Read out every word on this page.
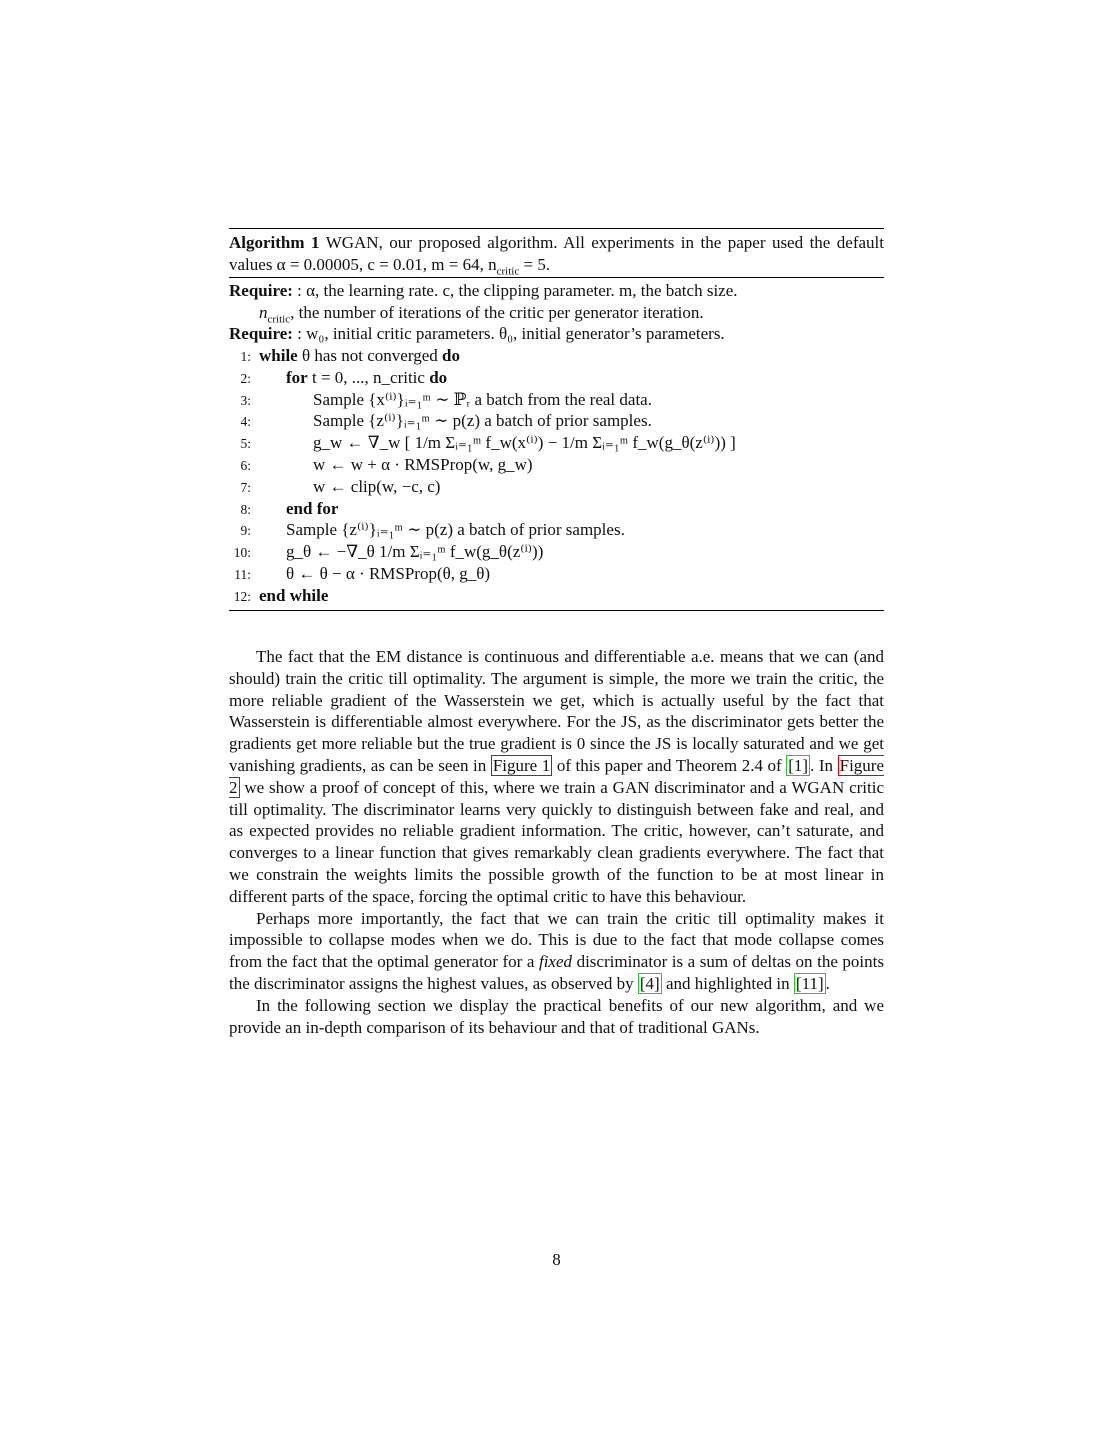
Algorithm 1 WGAN, our proposed algorithm. All experiments in the paper used the default values α = 0.00005, c = 0.01, m = 64, $n_{critic} = 5$.
Require: : α, the learning rate. c, the clipping parameter. m, the batch size.
$n_{critic}$, the number of iterations of the critic per generator iteration.
Require: : w₀, initial critic parameters. θ₀, initial generator’s parameters.
1: while θ has not converged do
2:	for t = 0, ..., n_critic do
3:	Sample {x⁽ⁱ⁾}ᵢ₌₁ᵐ ∼ ℙᵣ a batch from the real data.
4:	Sample {z⁽ⁱ⁾}ᵢ₌₁ᵐ ∼ p(z) a batch of prior samples.
5:	g_w ← ∇_w [ 1/m Σᵢ₌₁ᵐ f_w(x⁽ⁱ⁾) − 1/m Σᵢ₌₁ᵐ f_w(g_θ(z⁽ⁱ⁾)) ]
6:	w ← w + α · RMSProp(w, g_w)
7:	w ← clip(w, −c, c)
8:	end for
9:	Sample {z⁽ⁱ⁾}ᵢ₌₁ᵐ ∼ p(z) a batch of prior samples.
10:	g_θ ← −∇_θ 1/m Σᵢ₌₁ᵐ f_w(g_θ(z⁽ⁱ⁾))
11:	θ ← θ − α · RMSProp(θ, g_θ)
12: end while

The fact that the EM distance is continuous and differentiable a.e. means that we can (and should) train the critic till optimality. The argument is simple, the more we train the critic, the more reliable gradient of the Wasserstein we get, which is actually useful by the fact that Wasserstein is differentiable almost everywhere. For the JS, as the discriminator gets better the gradients get more reliable but the true gradient is 0 since the JS is locally saturated and we get vanishing gradients, as can be seen in Figure 1 of this paper and Theorem 2.4 of [1] . In Figure 2 we show a proof of concept of this, where we train a GAN discriminator and a WGAN critic till optimality. The discriminator learns very quickly to distinguish between fake and real, and as expected provides no reliable gradient information. The critic, however, can’t saturate, and converges to a linear function that gives remarkably clean gradients everywhere. The fact that we constrain the weights limits the possible growth of the function to be at most linear in different parts of the space, forcing the optimal critic to have this behaviour.

Perhaps more importantly, the fact that we can train the critic till optimality makes it impossible to collapse modes when we do. This is due to the fact that mode collapse comes from the fact that the optimal generator for a fixed discriminator is a sum of deltas on the points the discriminator assigns the highest values, as observed by [4] and highlighted in [11] .

In the following section we display the practical benefits of our new algorithm, and we provide an in-depth comparison of its behaviour and that of traditional GANs.

8
